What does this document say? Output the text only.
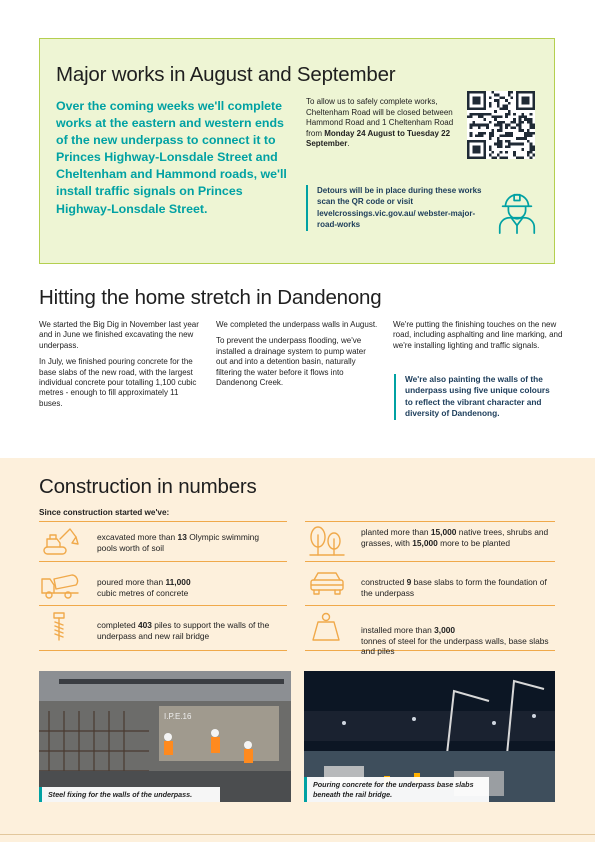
Major works in August and September
Over the coming weeks we'll complete works at the eastern and western ends of the new underpass to connect it to Princes Highway-Lonsdale Street and Cheltenham and Hammond roads, we'll install traffic signals on Princes Highway-Lonsdale Street.
To allow us to safely complete works, Cheltenham Road will be closed between Hammond Road and 1 Cheltenham Road from Monday 24 August to Tuesday 22 September.
Detours will be in place during these works scan the QR code or visit levelcrossings.vic.gov.au/ webster-major-road-works
Hitting the home stretch in Dandenong

We started the Big Dig in November last year and in June we finished excavating the new underpass.

In July, we finished pouring concrete for the base slabs of the new road, with the largest individual concrete pour totalling 1,100 cubic metres - enough to fill approximately 11 buses.

We completed the underpass walls in August.

To prevent the underpass flooding, we've installed a drainage system to pump water out and into a detention basin, naturally filtering the water before it flows into Dandenong Creek.

We're putting the finishing touches on the new road, including asphalting and line marking, and we're installing lighting and traffic signals.

We're also painting the walls of the underpass using five unique colours to reflect the vibrant character and diversity of Dandenong.
Construction in numbers
Since construction started we've:
excavated more than 13 Olympic swimming pools worth of soil
poured more than 11,000
cubic metres of concrete
completed 403 piles to support the walls of the underpass and new rail bridge
planted more than 15,000 native trees, shrubs and grasses, with 15,000 more to be planted
constructed 9 base slabs to form the foundation of the underpass
installed more than 3,000
tonnes of steel for the underpass walls, base slabs and piles
I.P.E.16
Steel fixing for the walls of the underpass.
Pouring concrete for the underpass base slabs beneath the rail bridge.
